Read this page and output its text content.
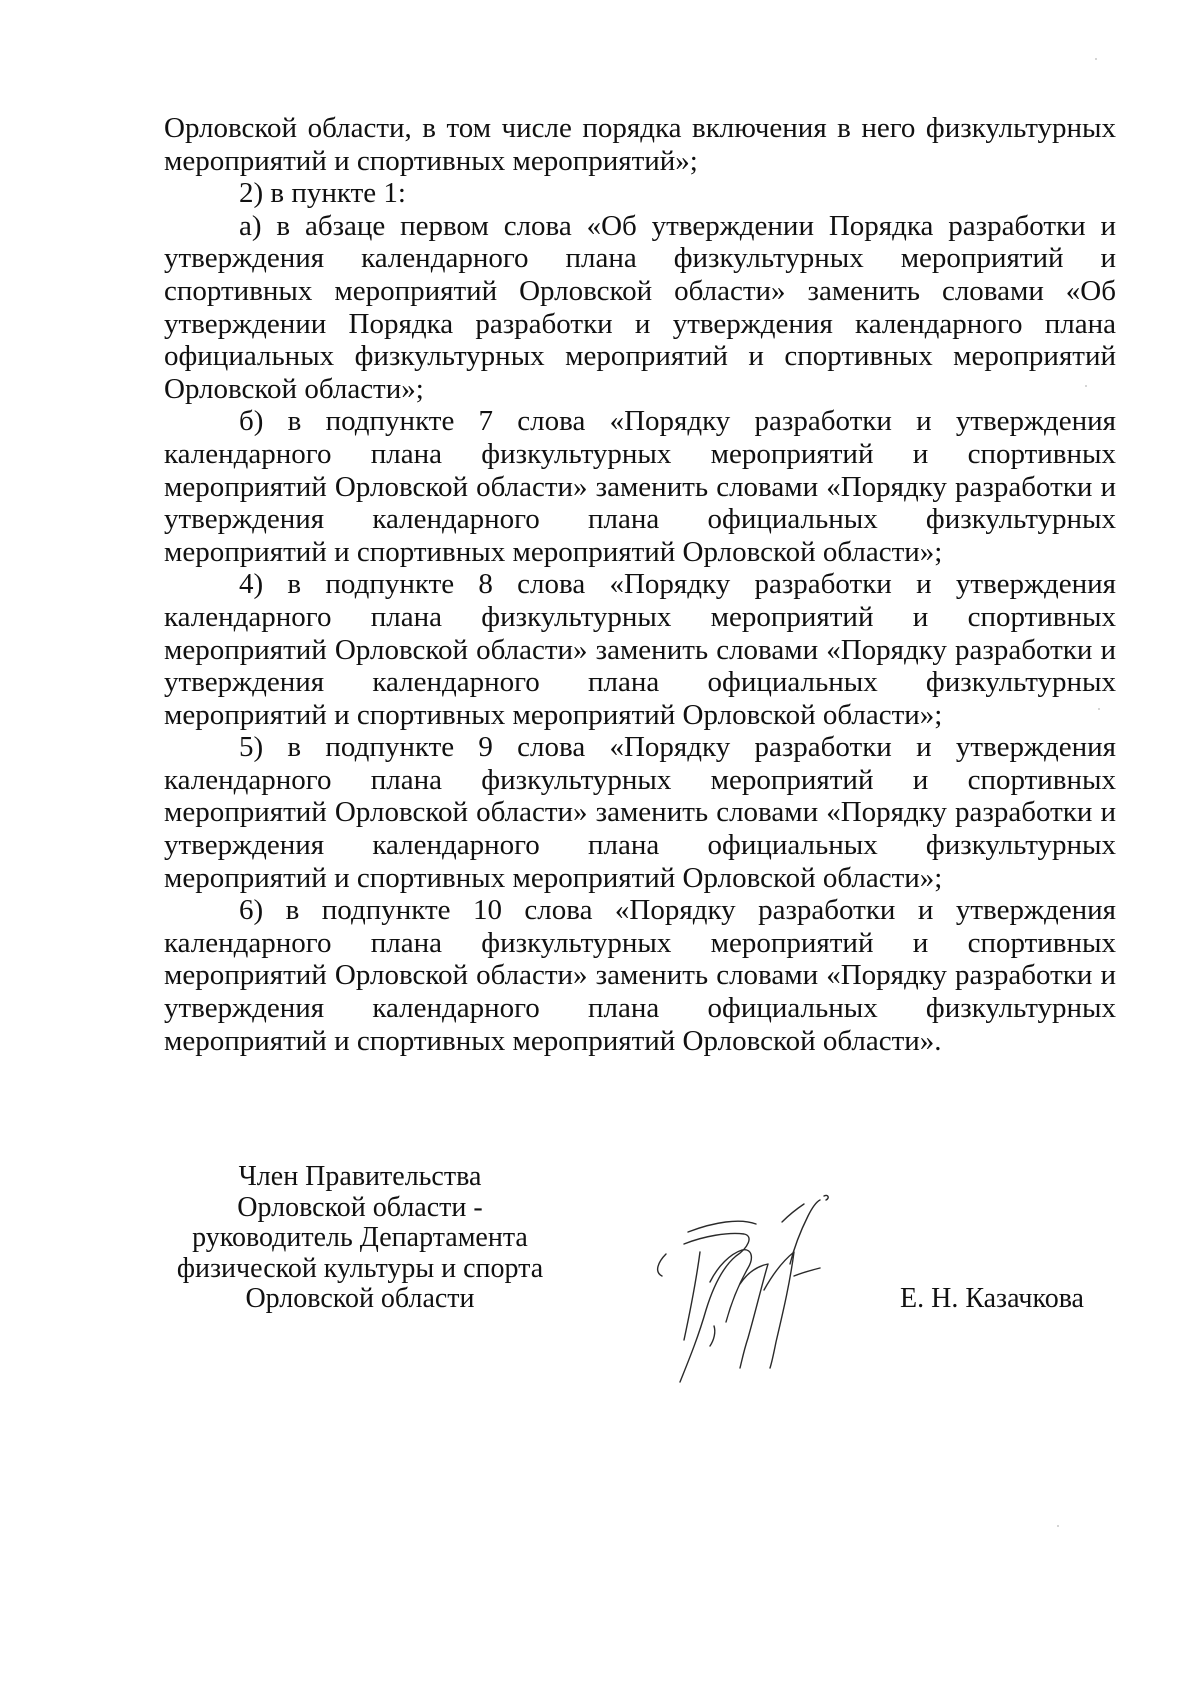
Орловской области, в том числе порядка включения в него физкультурных мероприятий и спортивных мероприятий»;

2) в пункте 1:

а) в абзаце первом слова «Об утверждении Порядка разработки и утверждения календарного плана физкультурных мероприятий и спортивных мероприятий Орловской области» заменить словами «Об утверждении Порядка разработки и утверждения календарного плана официальных физкультурных мероприятий и спортивных мероприятий Орловской области»;

б) в подпункте 7 слова «Порядку разработки и утверждения календарного плана физкультурных мероприятий и спортивных мероприятий Орловской области» заменить словами «Порядку разработки и утверждения календарного плана официальных физкультурных мероприятий и спортивных мероприятий Орловской области»;

4) в подпункте 8 слова «Порядку разработки и утверждения календарного плана физкультурных мероприятий и спортивных мероприятий Орловской области» заменить словами «Порядку разработки и утверждения календарного плана официальных физкультурных мероприятий и спортивных мероприятий Орловской области»;

5) в подпункте 9 слова «Порядку разработки и утверждения календарного плана физкультурных мероприятий и спортивных мероприятий Орловской области» заменить словами «Порядку разработки и утверждения календарного плана официальных физкультурных мероприятий и спортивных мероприятий Орловской области»;

6) в подпункте 10 слова «Порядку разработки и утверждения календарного плана физкультурных мероприятий и спортивных мероприятий Орловской области» заменить словами «Порядку разработки и утверждения календарного плана официальных физкультурных мероприятий и спортивных мероприятий Орловской области».

Член Правительства
Орловской области -
руководитель Департамента
физической культуры и спорта
Орловской области	Е. Н. Казачкова
